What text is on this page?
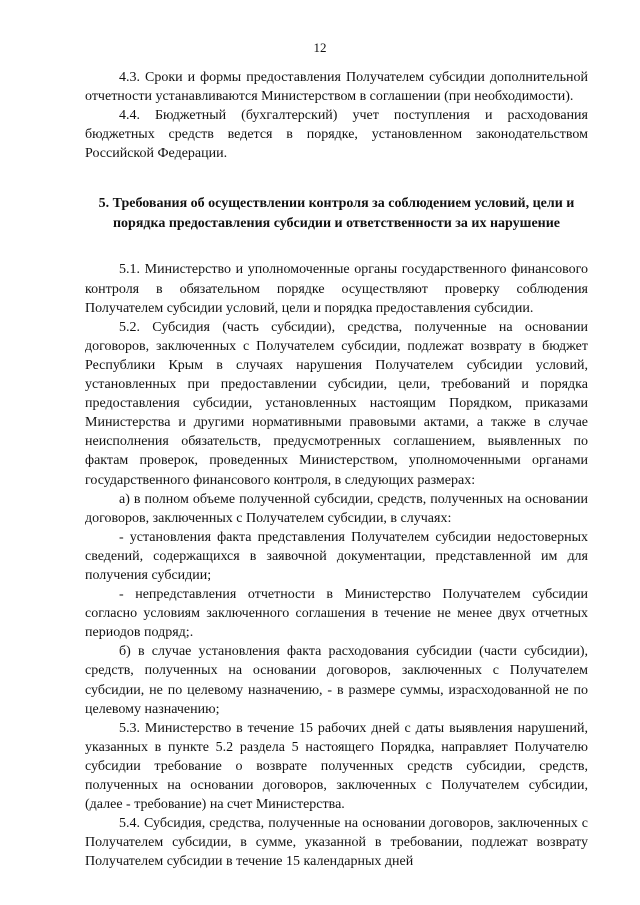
12

4.3. Сроки и формы предоставления Получателем субсидии дополнительной отчетности устанавливаются Министерством в соглашении (при необходимости).

4.4. Бюджетный (бухгалтерский) учет поступления и расходования бюджетных средств ведется в порядке, установленном законодательством Российской Федерации.

5. Требования об осуществлении контроля за соблюдением условий, цели и порядка предоставления субсидии и ответственности за их нарушение

5.1. Министерство и уполномоченные органы государственного финансового контроля в обязательном порядке осуществляют проверку соблюдения Получателем субсидии условий, цели и порядка предоставления субсидии.

5.2. Субсидия (часть субсидии), средства, полученные на основании договоров, заключенных с Получателем субсидии, подлежат возврату в бюджет Республики Крым в случаях нарушения Получателем субсидии условий, установленных при предоставлении субсидии, цели, требований и порядка предоставления субсидии, установленных настоящим Порядком, приказами Министерства и другими нормативными правовыми актами, а также в случае неисполнения обязательств, предусмотренных соглашением, выявленных по фактам проверок, проведенных Министерством, уполномоченными органами государственного финансового контроля, в следующих размерах:

а) в полном объеме полученной субсидии, средств, полученных на основании договоров, заключенных с Получателем субсидии, в случаях:

- установления факта представления Получателем субсидии недостоверных сведений, содержащихся в заявочной документации, представленной им для получения субсидии;

- непредставления отчетности в Министерство Получателем субсидии согласно условиям заключенного соглашения в течение не менее двух отчетных периодов подряд;.

б) в случае установления факта расходования субсидии (части субсидии), средств, полученных на основании договоров, заключенных с Получателем субсидии, не по целевому назначению, - в размере суммы, израсходованной не по целевому назначению;

5.3. Министерство в течение 15 рабочих дней с даты выявления нарушений, указанных в пункте 5.2 раздела 5 настоящего Порядка, направляет Получателю субсидии требование о возврате полученных средств субсидии, средств, полученных на основании договоров, заключенных с Получателем субсидии, (далее - требование) на счет Министерства.

5.4. Субсидия, средства, полученные на основании договоров, заключенных с Получателем субсидии, в сумме, указанной в требовании, подлежат возврату Получателем субсидии в течение 15 календарных дней
